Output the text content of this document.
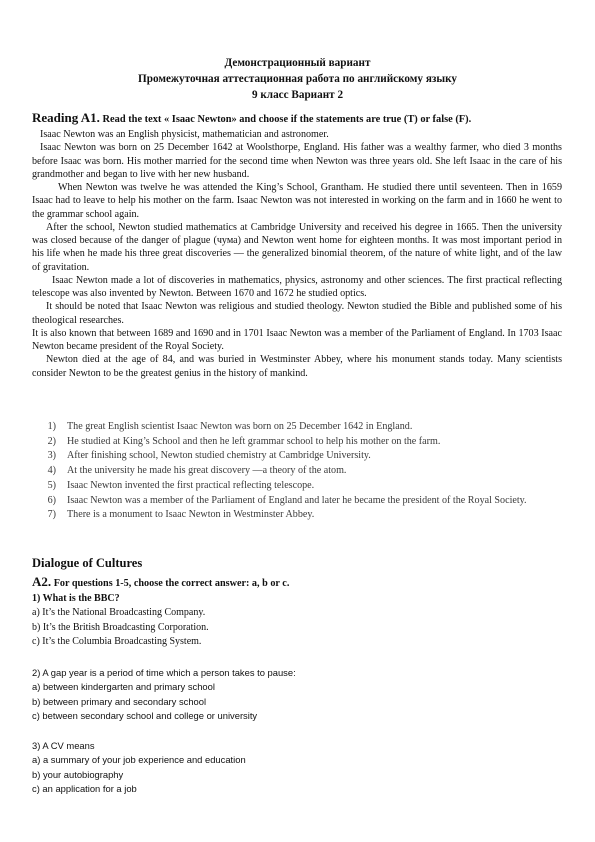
Демонстрационный вариант
Промежуточная аттестационная работа по английскому языку
9 класс Вариант 2
Reading A1. Read the text « Isaac Newton» and choose if the statements are true (T) or false (F).

Isaac Newton was an English physicist, mathematician and astronomer.

Isaac Newton was born on 25 December 1642 at Woolsthorpe, England. His father was a wealthy farmer, who died 3 months before Isaac was born. His mother married for the second time when Newton was three years old. She left Isaac in the care of his grandmother and began to live with her new husband.

When Newton was twelve he was attended the King’s School, Grantham. He studied there until seventeen. Then in 1659 Isaac had to leave to help his mother on the farm. Isaac Newton was not interested in working on the farm and in 1660 he went to the grammar school again.

After the school, Newton studied mathematics at Cambridge University and received his degree in 1665. Then the university was closed because of the danger of plague (чума) and Newton went home for eighteen months. It was most important period in his life when he made his three great discoveries — the generalized binomial theorem, of the nature of white light, and of the law of gravitation.

Isaac Newton made a lot of discoveries in mathematics, physics, astronomy and other sciences. The first practical reflecting telescope was also invented by Newton. Between 1670 and 1672 he studied optics.

It should be noted that Isaac Newton was religious and studied theology. Newton studied the Bible and published some of his theological researches.

It is also known that between 1689 and 1690 and in 1701 Isaac Newton was a member of the Parliament of England. In 1703 Isaac Newton became president of the Royal Society.

Newton died at the age of 84, and was buried in Westminster Abbey, where his monument stands today. Many scientists consider Newton to be the greatest genius in the history of mankind.

1)	The great English scientist Isaac Newton was born on 25 December 1642 in England.
2)	He studied at King’s School and then he left grammar school to help his mother on the farm.
3)	After finishing school, Newton studied chemistry at Cambridge University.
4)	At the university he made his great discovery —a theory of the atom.
5)	Isaac Newton invented the first practical reflecting telescope.
6)	Isaac Newton was a member of the Parliament of England and later he became the president of the Royal Society.
7)	There is a monument to Isaac Newton in Westminster Abbey.
Dialogue of Cultures
A2. For questions 1-5, choose the correct answer: a, b or c.
1) What is the BBC?
a) It’s the National Broadcasting Company.
b) It’s the British Broadcasting Corporation.
c) It’s the Columbia Broadcasting System.
2) A gap year is a period of time which a person takes to pause:
a) between kindergarten and primary school
b) between primary and secondary school
c) between secondary school and college or university
3) A CV means
a) a summary of your job experience and education
b) your autobiography
c) an application for a job
